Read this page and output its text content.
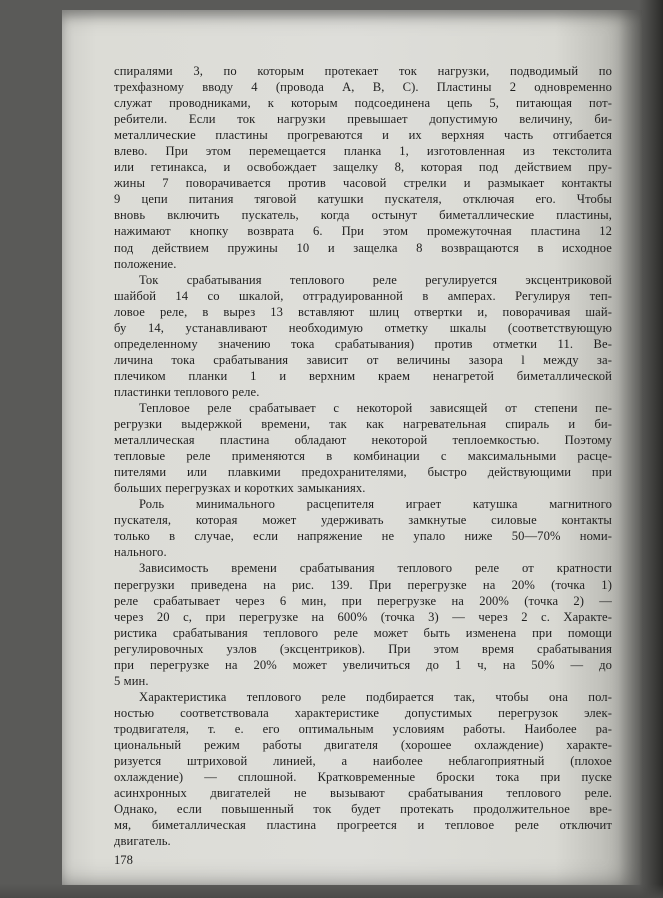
спиралями 3, по которым протекает ток нагрузки, подводимый по
трехфазному вводу 4 (провода A, B, C). Пластины 2 одновременно
служат проводниками, к которым подсоединена цепь 5, питающая пот-
ребители. Если ток нагрузки превышает допустимую величину, би-
металлические пластины прогреваются и их верхняя часть отгибается
влево. При этом перемещается планка 1, изготовленная из текстолита
или гетинакса, и освобождает защелку 8, которая под действием пру-
жины 7 поворачивается против часовой стрелки и размыкает контакты
9 цепи питания тяговой катушки пускателя, отключая его. Чтобы
вновь включить пускатель, когда остынут биметаллические пластины,
нажимают кнопку возврата 6. При этом промежуточная пластина 12
под действием пружины 10 и защелка 8 возвращаются в исходное
положение.
Ток срабатывания теплового реле регулируется эксцентриковой
шайбой 14 со шкалой, отградуированной в амперах. Регулируя теп-
ловое реле, в вырез 13 вставляют шлиц отвертки и, поворачивая шай-
бу 14, устанавливают необходимую отметку шкалы (соответствующую
определенному значению тока срабатывания) против отметки 11. Ве-
личина тока срабатывания зависит от величины зазора l между за-
плечиком планки 1 и верхним краем ненагретой биметаллической
пластинки теплового реле.
Тепловое реле срабатывает с некоторой зависящей от степени пе-
регрузки выдержкой времени, так как нагревательная спираль и би-
металлическая пластина обладают некоторой теплоемкостью. Поэтому
тепловые реле применяются в комбинации с максимальными расце-
пителями или плавкими предохранителями, быстро действующими при
больших перегрузках и коротких замыканиях.
Роль минимального расцепителя играет катушка магнитного
пускателя, которая может удерживать замкнутые силовые контакты
только в случае, если напряжение не упало ниже 50—70% номи-
нального.
Зависимость времени срабатывания теплового реле от кратности
перегрузки приведена на рис. 139. При перегрузке на 20% (точка 1)
реле срабатывает через 6 мин, при перегрузке на 200% (точка 2) —
через 20 с, при перегрузке на 600% (точка 3) — через 2 с. Характе-
ристика срабатывания теплового реле может быть изменена при помощи
регулировочных узлов (эксцентриков). При этом время срабатывания
при перегрузке на 20% может увеличиться до 1 ч, на 50% — до
5 мин.
Характеристика теплового реле подбирается так, чтобы она пол-
ностью соответствовала характеристике допустимых перегрузок элек-
тродвигателя, т. е. его оптимальным условиям работы. Наиболее ра-
циональный режим работы двигателя (хорошее охлаждение) характе-
ризуется штриховой линией, а наиболее неблагоприятный (плохое
охлаждение) — сплошной. Кратковременные броски тока при пуске
асинхронных двигателей не вызывают срабатывания теплового реле.
Однако, если повышенный ток будет протекать продолжительное вре-
мя, биметаллическая пластина прогреется и тепловое реле отключит
двигатель.
178
